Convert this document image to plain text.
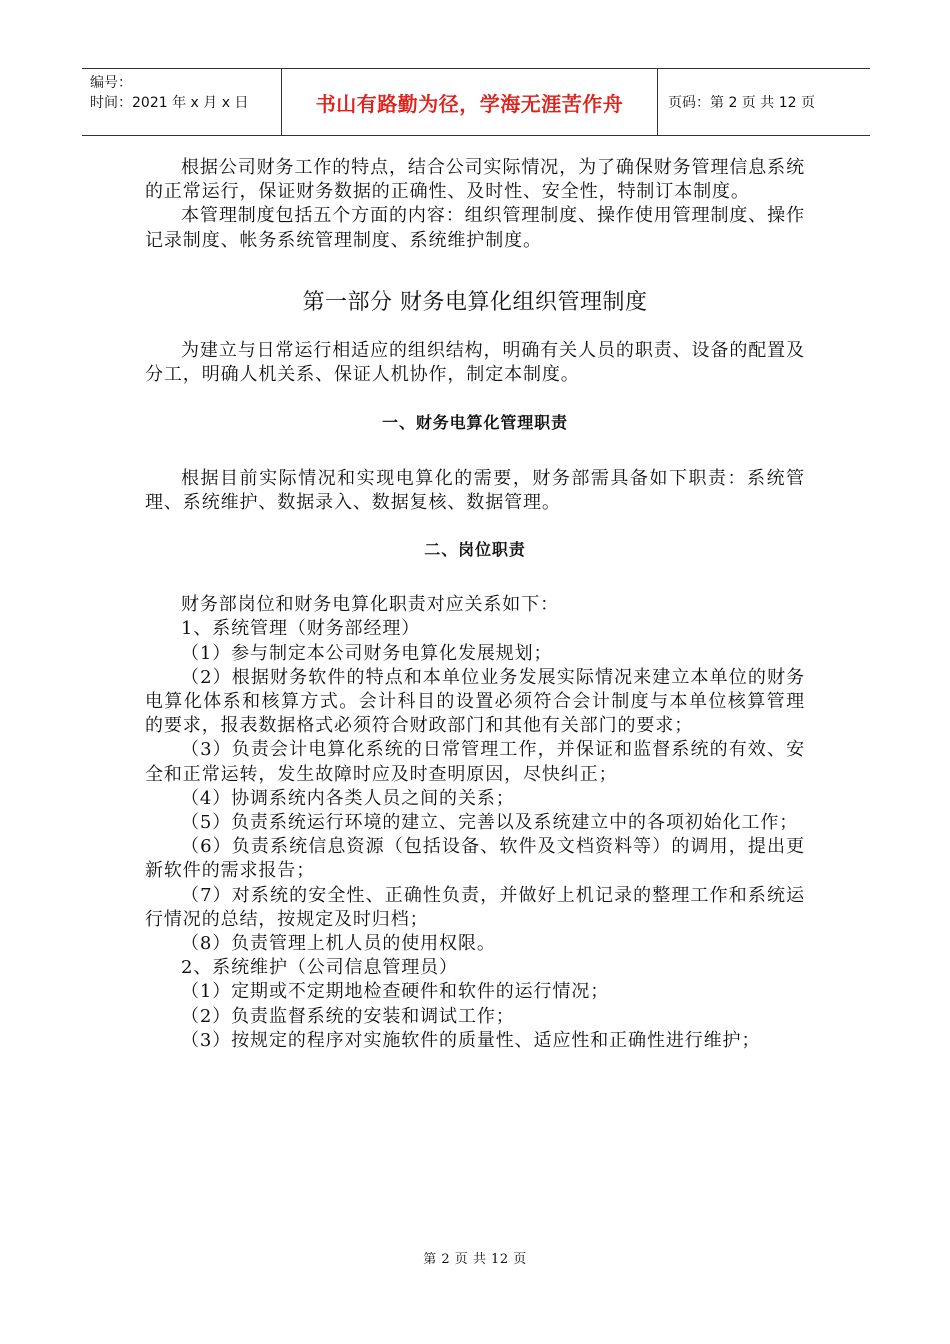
编号：
时间：2021 年 x 月 x 日	书山有路勤为径，学海无涯苦作舟	页码：第 2 页 共 12 页

根据公司财务工作的特点，结合公司实际情况，为了确保财务管理信息系统的正常运行，保证财务数据的正确性、及时性、安全性，特制订本制度。

本管理制度包括五个方面的内容：组织管理制度、操作使用管理制度、操作记录制度、帐务系统管理制度、系统维护制度。

第一部分 财务电算化组织管理制度

为建立与日常运行相适应的组织结构，明确有关人员的职责、设备的配置及分工，明确人机关系、保证人机协作，制定本制度。

一、财务电算化管理职责

根据目前实际情况和实现电算化的需要，财务部需具备如下职责：系统管理、系统维护、数据录入、数据复核、数据管理。

二、岗位职责

财务部岗位和财务电算化职责对应关系如下：

1、系统管理（财务部经理）

（1）参与制定本公司财务电算化发展规划；

（2）根据财务软件的特点和本单位业务发展实际情况来建立本单位的财务电算化体系和核算方式。会计科目的设置必须符合会计制度与本单位核算管理的要求，报表数据格式必须符合财政部门和其他有关部门的要求；

（3）负责会计电算化系统的日常管理工作，并保证和监督系统的有效、安全和正常运转，发生故障时应及时查明原因，尽快纠正；

（4）协调系统内各类人员之间的关系；

（5）负责系统运行环境的建立、完善以及系统建立中的各项初始化工作；

（6）负责系统信息资源（包括设备、软件及文档资料等）的调用，提出更新软件的需求报告；

（7）对系统的安全性、正确性负责，并做好上机记录的整理工作和系统运行情况的总结，按规定及时归档；

（8）负责管理上机人员的使用权限。

2、系统维护（公司信息管理员）

（1）定期或不定期地检查硬件和软件的运行情况；

（2）负责监督系统的安装和调试工作；

（3）按规定的程序对实施软件的质量性、适应性和正确性进行维护；

第 2 页 共 12 页
